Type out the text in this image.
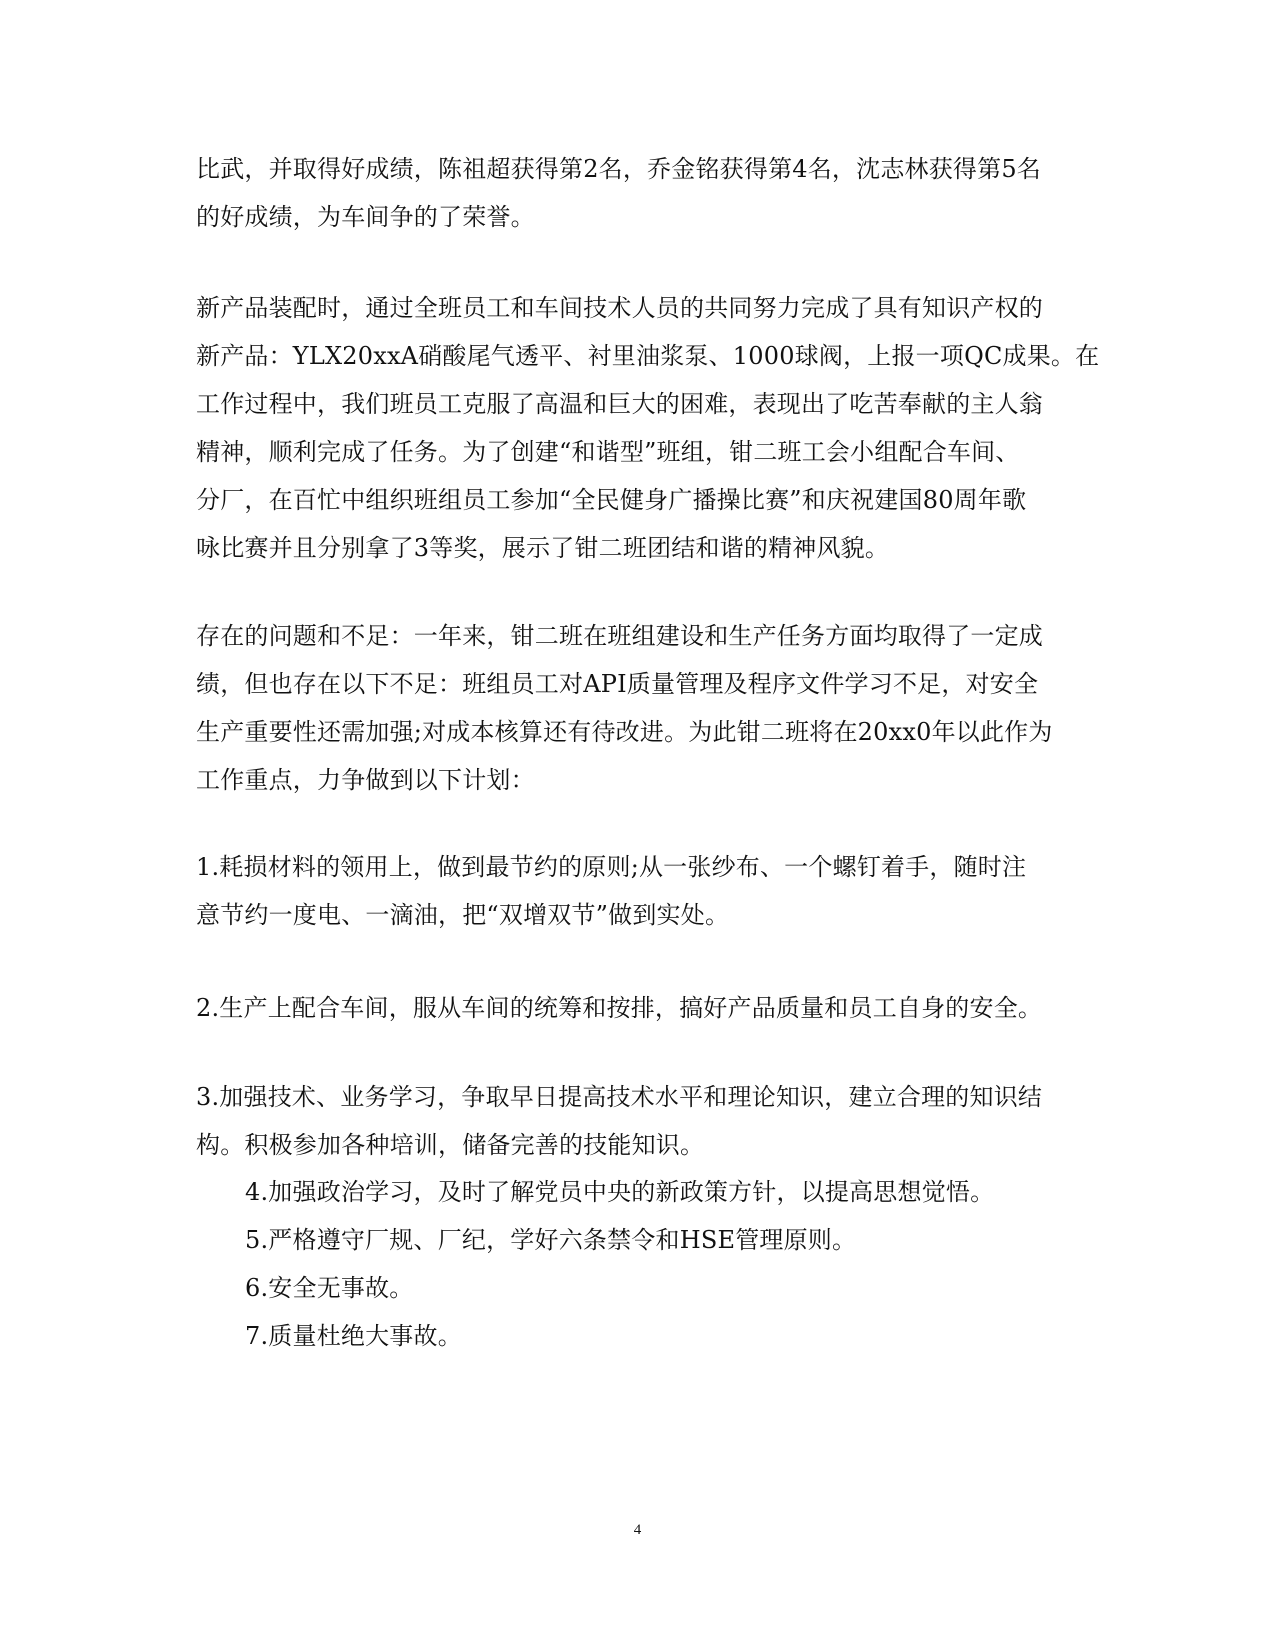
比武，并取得好成绩，陈祖超获得第2名，乔金铭获得第4名，沈志林获得第5名
的好成绩，为车间争的了荣誉。
新产品装配时，通过全班员工和车间技术人员的共同努力完成了具有知识产权的
新产品：YLX20xxA硝酸尾气透平、衬里油浆泵、1000球阀，上报一项QC成果。在
工作过程中，我们班员工克服了高温和巨大的困难，表现出了吃苦奉献的主人翁
精神，顺利完成了任务。为了创建“和谐型”班组，钳二班工会小组配合车间、
分厂，在百忙中组织班组员工参加“全民健身广播操比赛”和庆祝建国80周年歌
咏比赛并且分别拿了3等奖，展示了钳二班团结和谐的精神风貌。
存在的问题和不足：一年来，钳二班在班组建设和生产任务方面均取得了一定成
绩，但也存在以下不足：班组员工对API质量管理及程序文件学习不足，对安全
生产重要性还需加强;对成本核算还有待改进。为此钳二班将在20xx0年以此作为
工作重点，力争做到以下计划：
1.耗损材料的领用上，做到最节约的原则;从一张纱布、一个螺钉着手，随时注
意节约一度电、一滴油，把“双增双节”做到实处。
2.生产上配合车间，服从车间的统筹和按排，搞好产品质量和员工自身的安全。
3.加强技术、业务学习，争取早日提高技术水平和理论知识，建立合理的知识结
构。积极参加各种培训，储备完善的技能知识。
4.加强政治学习，及时了解党员中央的新政策方针，以提高思想觉悟。
5.严格遵守厂规、厂纪，学好六条禁令和HSE管理原则。
6.安全无事故。
7.质量杜绝大事故。
4
